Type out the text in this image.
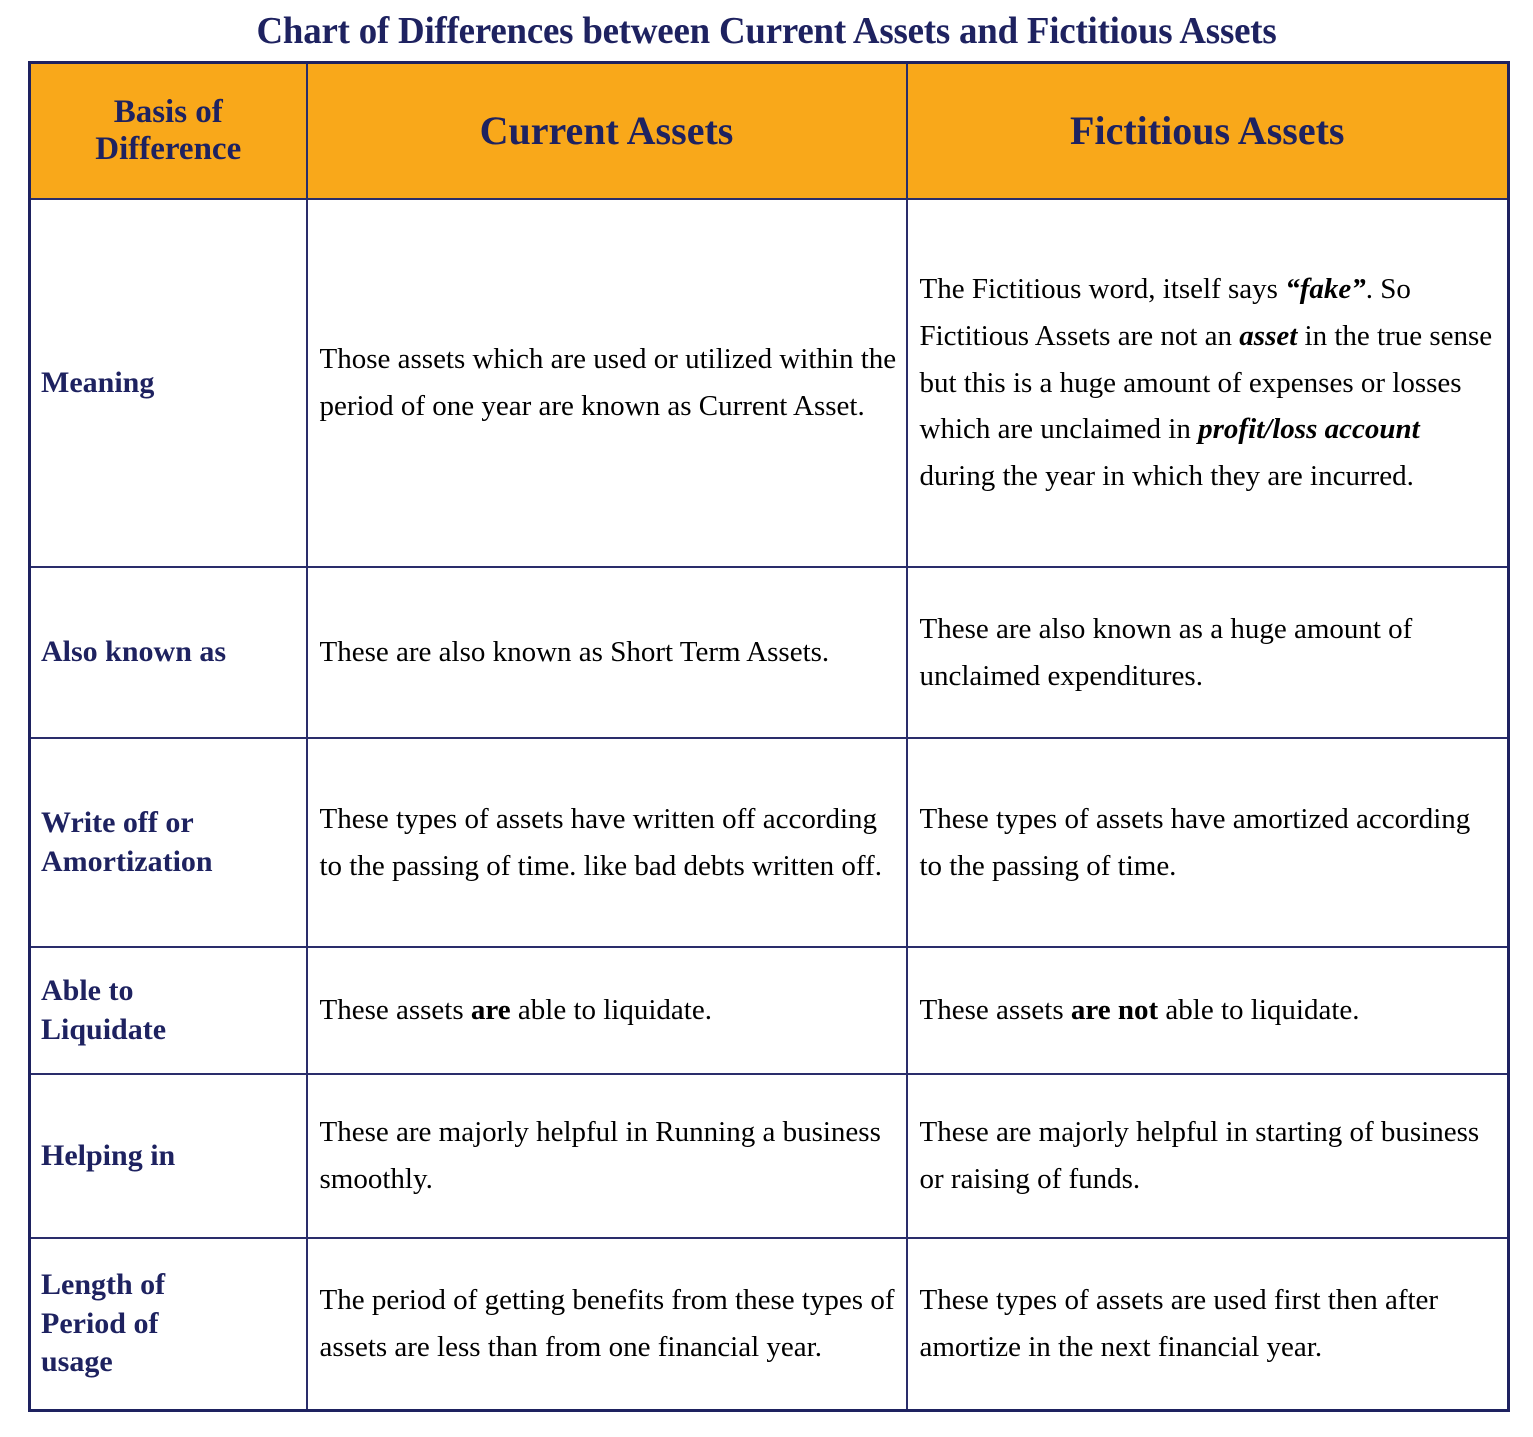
Chart of Differences between Current Assets and Fictitious Assets
Basis of
Difference	Current Assets	Fictitious Assets
Meaning	Those assets which are used or utilized within the period of one year are known as Current Asset.	The Fictitious word, itself says “fake”. So Fictitious Assets are not an asset in the true sense but this is a huge amount of expenses or losses which are unclaimed in profit/loss account during the year in which they are incurred.
Also known as	These are also known as Short Term Assets.	These are also known as a huge amount of unclaimed expenditures.
Write off or
Amortization	These types of assets have written off according to the passing of time. like bad debts written off.	These types of assets have amortized according to the passing of time.
Able to
Liquidate	These assets are able to liquidate.	These assets are not able to liquidate.
Helping in	These are majorly helpful in Running a business smoothly.	These are majorly helpful in starting of business or raising of funds.
Length of
Period of
usage	The period of getting benefits from these types of assets are less than from one financial year.	These types of assets are used first then after amortize in the next financial year.
